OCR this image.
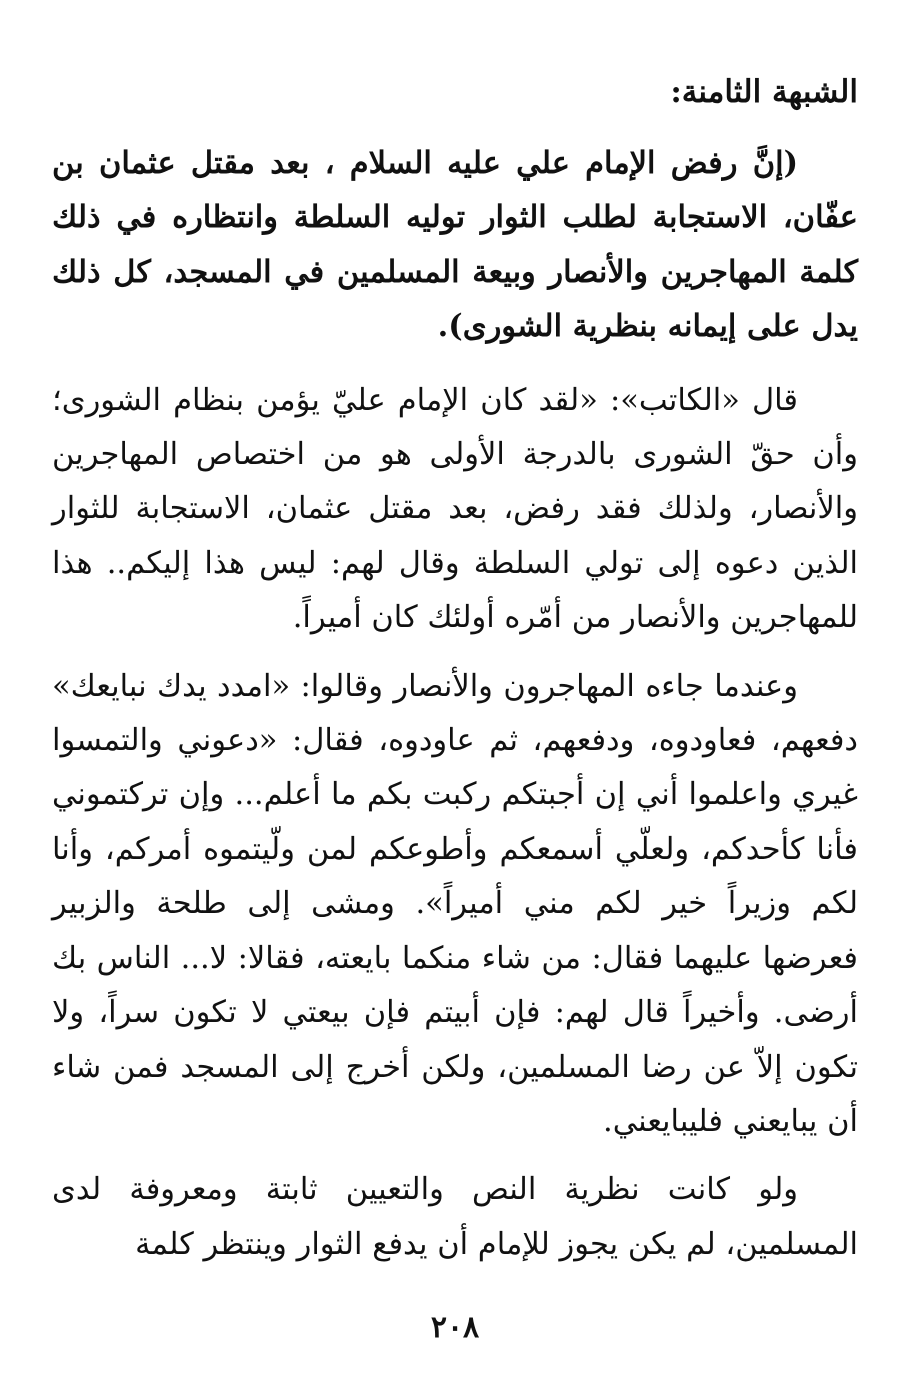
الشبهة الثامنة:

(إنَّ رفض الإمام علي عليه السلام ، بعد مقتل عثمان بن عفّان، الاستجابة لطلب الثوار توليه السلطة وانتظاره في ذلك كلمة المهاجرين والأنصار وبيعة المسلمين في المسجد، كل ذلك يدل على إيمانه بنظرية الشورى).

قال «الكاتب»: «لقد كان الإمام عليّ يؤمن بنظام الشورى؛ وأن حقّ الشورى بالدرجة الأولى هو من اختصاص المهاجرين والأنصار، ولذلك فقد رفض، بعد مقتل عثمان، الاستجابة للثوار الذين دعوه إلى تولي السلطة وقال لهم: ليس هذا إليكم.. هذا للمهاجرين والأنصار من أمّره أولئك كان أميراً.

وعندما جاءه المهاجرون والأنصار وقالوا: «امدد يدك نبايعك» دفعهم، فعاودوه، ودفعهم، ثم عاودوه، فقال: «دعوني والتمسوا غيري واعلموا أني إن أجبتكم ركبت بكم ما أعلم... وإن تركتموني فأنا كأحدكم، ولعلّي أسمعكم وأطوعكم لمن ولّيتموه أمركم، وأنا لكم وزيراً خير لكم مني أميراً». ومشى إلى طلحة والزبير فعرضها عليهما فقال: من شاء منكما بايعته، فقالا: لا... الناس بك أرضى. وأخيراً قال لهم: فإن أبيتم فإن بيعتي لا تكون سراً، ولا تكون إلاّ عن رضا المسلمين، ولكن أخرج إلى المسجد فمن شاء أن يبايعني فليبايعني.

ولو كانت نظرية النص والتعيين ثابتة ومعروفة لدى المسلمين، لم يكن يجوز للإمام أن يدفع الثوار وينتظر كلمة

٢٠٨
